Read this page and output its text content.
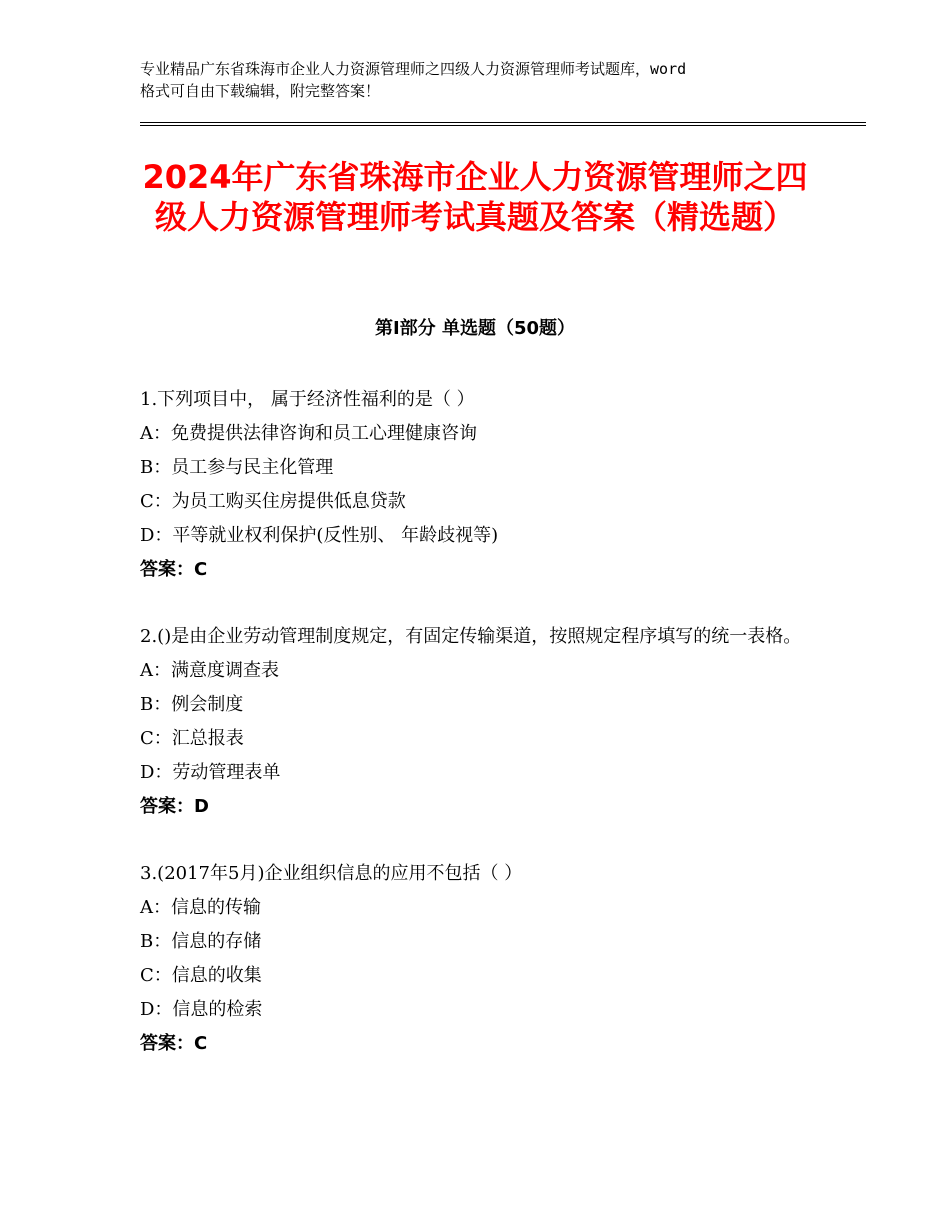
专业精品广东省珠海市企业人力资源管理师之四级人力资源管理师考试题库，word
格式可自由下载编辑，附完整答案！
2024年广东省珠海市企业人力资源管理师之四级人力资源管理师考试真题及答案（精选题）
第Ⅰ部分 单选题（50题）
1.下列项目中， 属于经济性福利的是（ ）
A：免费提供法律咨询和员工心理健康咨询
B：员工参与民主化管理
C：为员工购买住房提供低息贷款
D：平等就业权利保护(反性别、 年龄歧视等)
答案：C
2.()是由企业劳动管理制度规定，有固定传输渠道，按照规定程序填写的统一表格。
A：满意度调查表
B：例会制度
C：汇总报表
D：劳动管理表单
答案：D
3.(2017年5月)企业组织信息的应用不包括（ ）
A：信息的传输
B：信息的存储
C：信息的收集
D：信息的检索
答案：C
